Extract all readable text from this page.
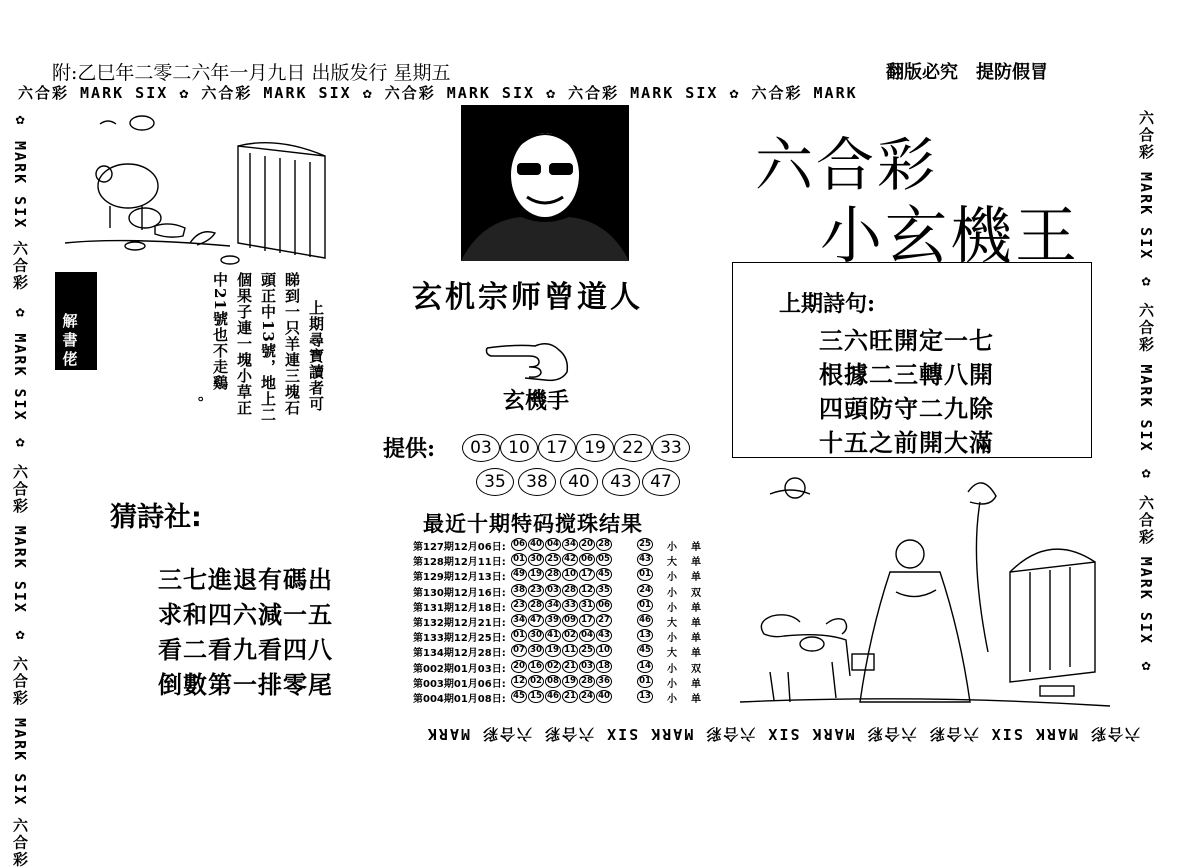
六合彩 MARK SIX ✿ 六合彩 MARK SIX ✿ 六合彩 MARK SIX ✿ 六合彩 MARK SIX ✿ 六合彩 MARK
✿ MARK SIX 六合彩 ✿ MARK SIX ✿ 六合彩 MARK SIX ✿ 六合彩 MARK SIX 六合彩	六合彩 MARK SIX ✿ 六合彩 MARK SIX ✿ 六合彩 MARK SIX ✿
六合彩 MARK SIX 六合彩 六合彩 MARK SIX 六合彩 MARK SIX 六合彩 六合彩 MARK
附:乙巳年二零二六年一月九日 出版发行 星期五	翻版必究 提防假冒
解
書
佬	上期尋寶讀者可
睇到一只羊連三塊石
頭正中13號，地上二
個果子連一塊小草正
中21號也不走鷄
。
猜詩社:
三七進退有碼出
求和四六減一五
看二看九看四八
倒數第一排零尾
玄机宗师曾道人
玄機手
提供:	03 10 17 19 22 33
35	38	40	43	47
最近十期特码搅珠结果
第127期12月06日: 06 40 04 34 20 28	25 小 单
第128期12月11日: 01 30 25 42 06 05	43 大 单
第129期12月13日: 49 19 28 10 17 45	01 小 单
第130期12月16日: 38 23 03 28 12 35	24 小 双
第131期12月18日: 23 28 34 33 31 06	01 小 单
第132期12月21日: 34 47 39 09 17 27	46 大 单
第133期12月25日: 01 30 41 02 04 43	13 小 单
第134期12月28日: 07 30 19 11 25 10	45 大 单
第002期01月03日: 20 16 02 21 03 18	14 小 双
第003期01月06日: 12 02 08 19 28 36	01 小 单
第004期01月08日: 45 15 46 21 24 40	13 小 单
六合彩
小玄機王
上期詩句:
三六旺開定一七
根據二三轉八開
四頭防守二九除
十五之前開大滿
